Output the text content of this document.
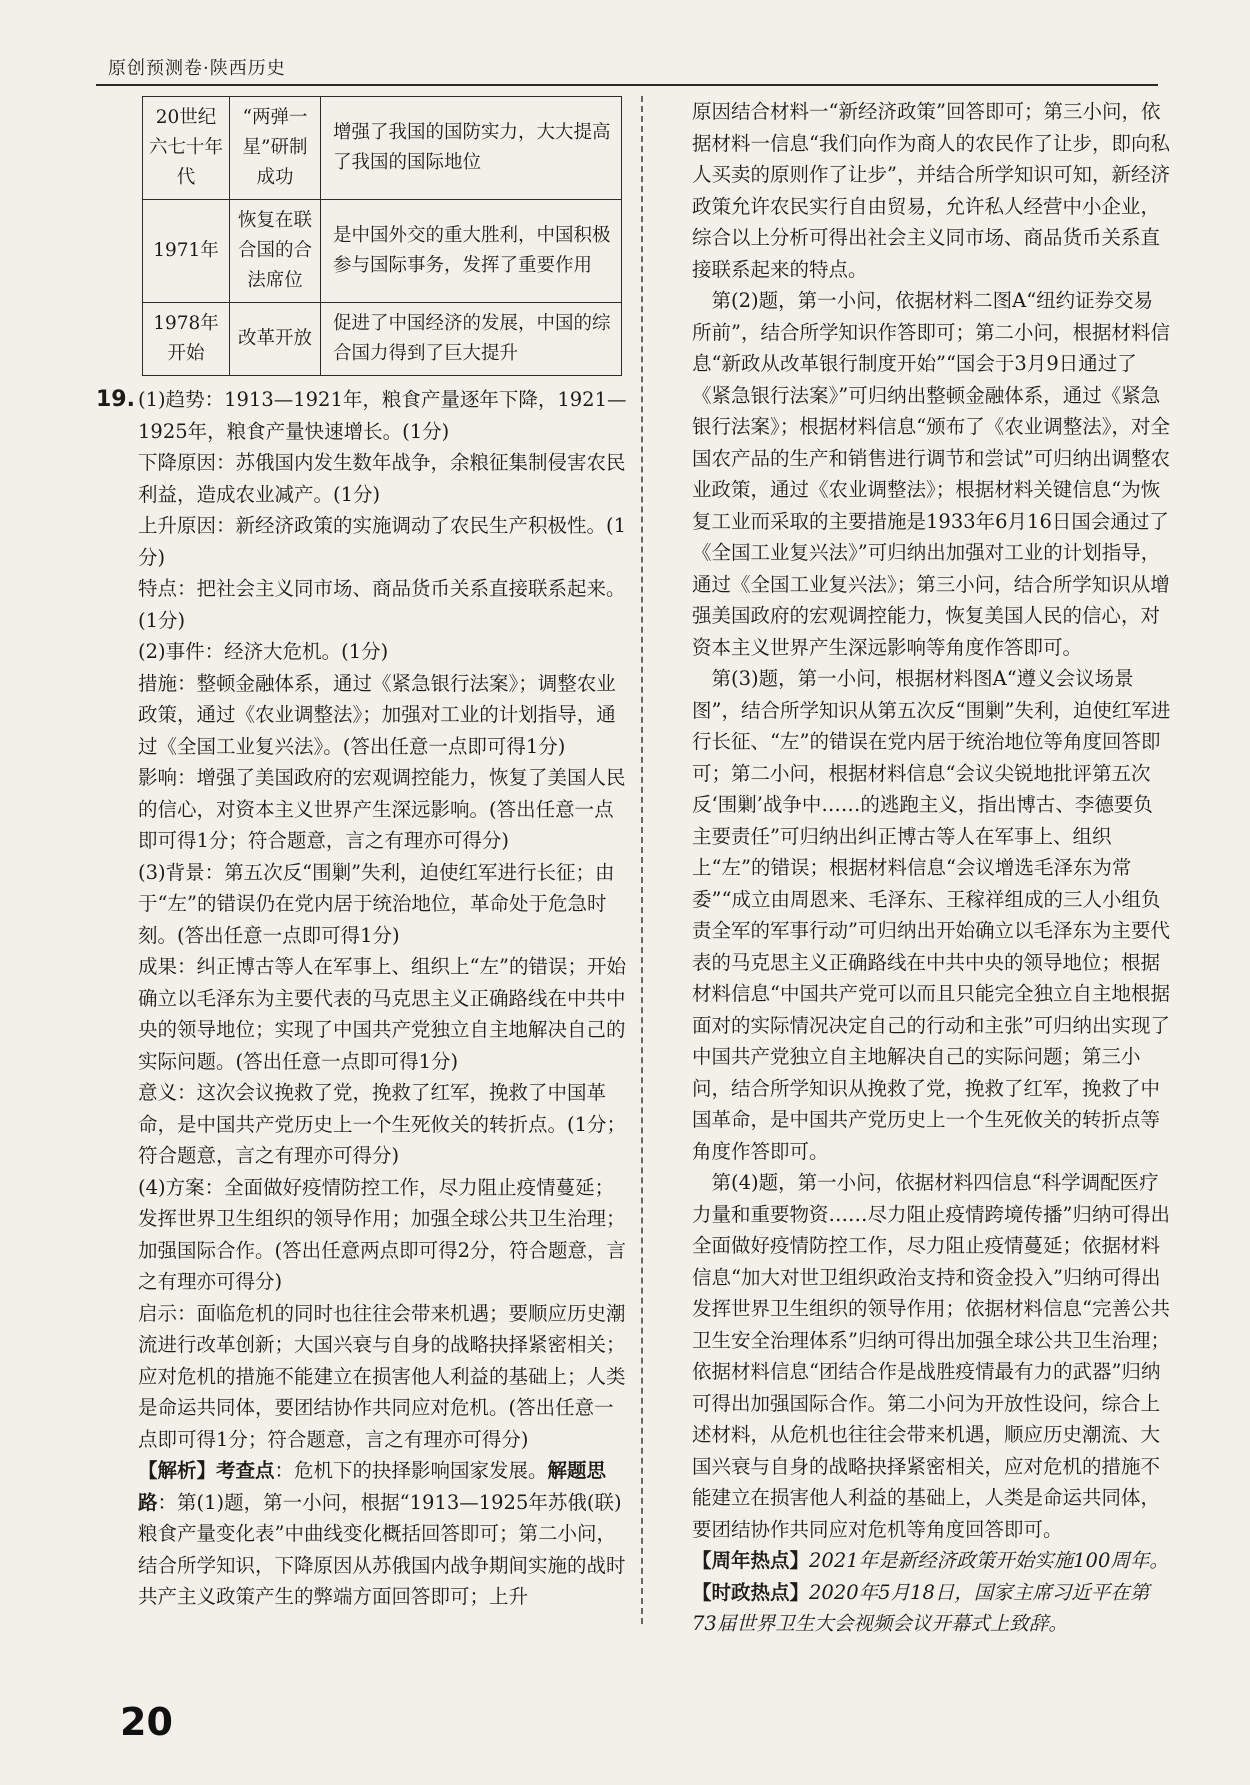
原创预测卷·陕西历史
20世纪六七十年代	“两弹一星”研制成功	增强了我国的国防实力，大大提高了我国的国际地位
1971年	恢复在联合国的合法席位	是中国外交的重大胜利，中国积极参与国际事务，发挥了重要作用
1978年开始	改革开放	促进了中国经济的发展，中国的综合国力得到了巨大提升
19. (1)趋势：1913—1921年，粮食产量逐年下降，1921—1925年，粮食产量快速增长。(1分)

下降原因：苏俄国内发生数年战争，余粮征集制侵害农民利益，造成农业减产。(1分)

上升原因：新经济政策的实施调动了农民生产积极性。(1分)

特点：把社会主义同市场、商品货币关系直接联系起来。(1分)

(2)事件：经济大危机。(1分)

措施：整顿金融体系，通过《紧急银行法案》；调整农业政策，通过《农业调整法》；加强对工业的计划指导，通过《全国工业复兴法》。(答出任意一点即可得1分)

影响：增强了美国政府的宏观调控能力，恢复了美国人民的信心，对资本主义世界产生深远影响。(答出任意一点即可得1分；符合题意，言之有理亦可得分)

(3)背景：第五次反“围剿”失利，迫使红军进行长征；由于“左”的错误仍在党内居于统治地位，革命处于危急时刻。(答出任意一点即可得1分)

成果：纠正博古等人在军事上、组织上“左”的错误；开始确立以毛泽东为主要代表的马克思主义正确路线在中共中央的领导地位；实现了中国共产党独立自主地解决自己的实际问题。(答出任意一点即可得1分)

意义：这次会议挽救了党，挽救了红军，挽救了中国革命，是中国共产党历史上一个生死攸关的转折点。(1分；符合题意，言之有理亦可得分)

(4)方案：全面做好疫情防控工作，尽力阻止疫情蔓延；发挥世界卫生组织的领导作用；加强全球公共卫生治理；加强国际合作。(答出任意两点即可得2分，符合题意，言之有理亦可得分)

启示：面临危机的同时也往往会带来机遇；要顺应历史潮流进行改革创新；大国兴衰与自身的战略抉择紧密相关；应对危机的措施不能建立在损害他人利益的基础上；人类是命运共同体，要团结协作共同应对危机。(答出任意一点即可得1分；符合题意，言之有理亦可得分)

【解析】考查点：危机下的抉择影响国家发展。解题思路：第(1)题，第一小问，根据“1913—1925年苏俄(联)粮食产量变化表”中曲线变化概括回答即可；第二小问，结合所学知识，下降原因从苏俄国内战争期间实施的战时共产主义政策产生的弊端方面回答即可；上升

原因结合材料一“新经济政策”回答即可；第三小问，依据材料一信息“我们向作为商人的农民作了让步，即向私人买卖的原则作了让步”，并结合所学知识可知，新经济政策允许农民实行自由贸易，允许私人经营中小企业，综合以上分析可得出社会主义同市场、商品货币关系直接联系起来的特点。

第(2)题，第一小问，依据材料二图A“纽约证券交易所前”，结合所学知识作答即可；第二小问，根据材料信息“新政从改革银行制度开始”“国会于3月9日通过了《紧急银行法案》”可归纳出整顿金融体系，通过《紧急银行法案》；根据材料信息“颁布了《农业调整法》，对全国农产品的生产和销售进行调节和尝试”可归纳出调整农业政策，通过《农业调整法》；根据材料关键信息“为恢复工业而采取的主要措施是1933年6月16日国会通过了《全国工业复兴法》”可归纳出加强对工业的计划指导，通过《全国工业复兴法》；第三小问，结合所学知识从增强美国政府的宏观调控能力，恢复美国人民的信心，对资本主义世界产生深远影响等角度作答即可。

第(3)题，第一小问，根据材料图A“遵义会议场景图”，结合所学知识从第五次反“围剿”失利，迫使红军进行长征、“左”的错误在党内居于统治地位等角度回答即可；第二小问，根据材料信息“会议尖锐地批评第五次反‘围剿’战争中……的逃跑主义，指出博古、李德要负主要责任”可归纳出纠正博古等人在军事上、组织上“左”的错误；根据材料信息“会议增选毛泽东为常委”“成立由周恩来、毛泽东、王稼祥组成的三人小组负责全军的军事行动”可归纳出开始确立以毛泽东为主要代表的马克思主义正确路线在中共中央的领导地位；根据材料信息“中国共产党可以而且只能完全独立自主地根据面对的实际情况决定自己的行动和主张”可归纳出实现了中国共产党独立自主地解决自己的实际问题；第三小问，结合所学知识从挽救了党，挽救了红军，挽救了中国革命，是中国共产党历史上一个生死攸关的转折点等角度作答即可。

第(4)题，第一小问，依据材料四信息“科学调配医疗力量和重要物资……尽力阻止疫情跨境传播”归纳可得出全面做好疫情防控工作，尽力阻止疫情蔓延；依据材料信息“加大对世卫组织政治支持和资金投入”归纳可得出发挥世界卫生组织的领导作用；依据材料信息“完善公共卫生安全治理体系”归纳可得出加强全球公共卫生治理；依据材料信息“团结合作是战胜疫情最有力的武器”归纳可得出加强国际合作。第二小问为开放性设问，综合上述材料，从危机也往往会带来机遇，顺应历史潮流、大国兴衰与自身的战略抉择紧密相关，应对危机的措施不能建立在损害他人利益的基础上，人类是命运共同体，要团结协作共同应对危机等角度回答即可。

【周年热点】2021年是新经济政策开始实施100周年。

【时政热点】2020年5月18日，国家主席习近平在第73届世界卫生大会视频会议开幕式上致辞。

20
